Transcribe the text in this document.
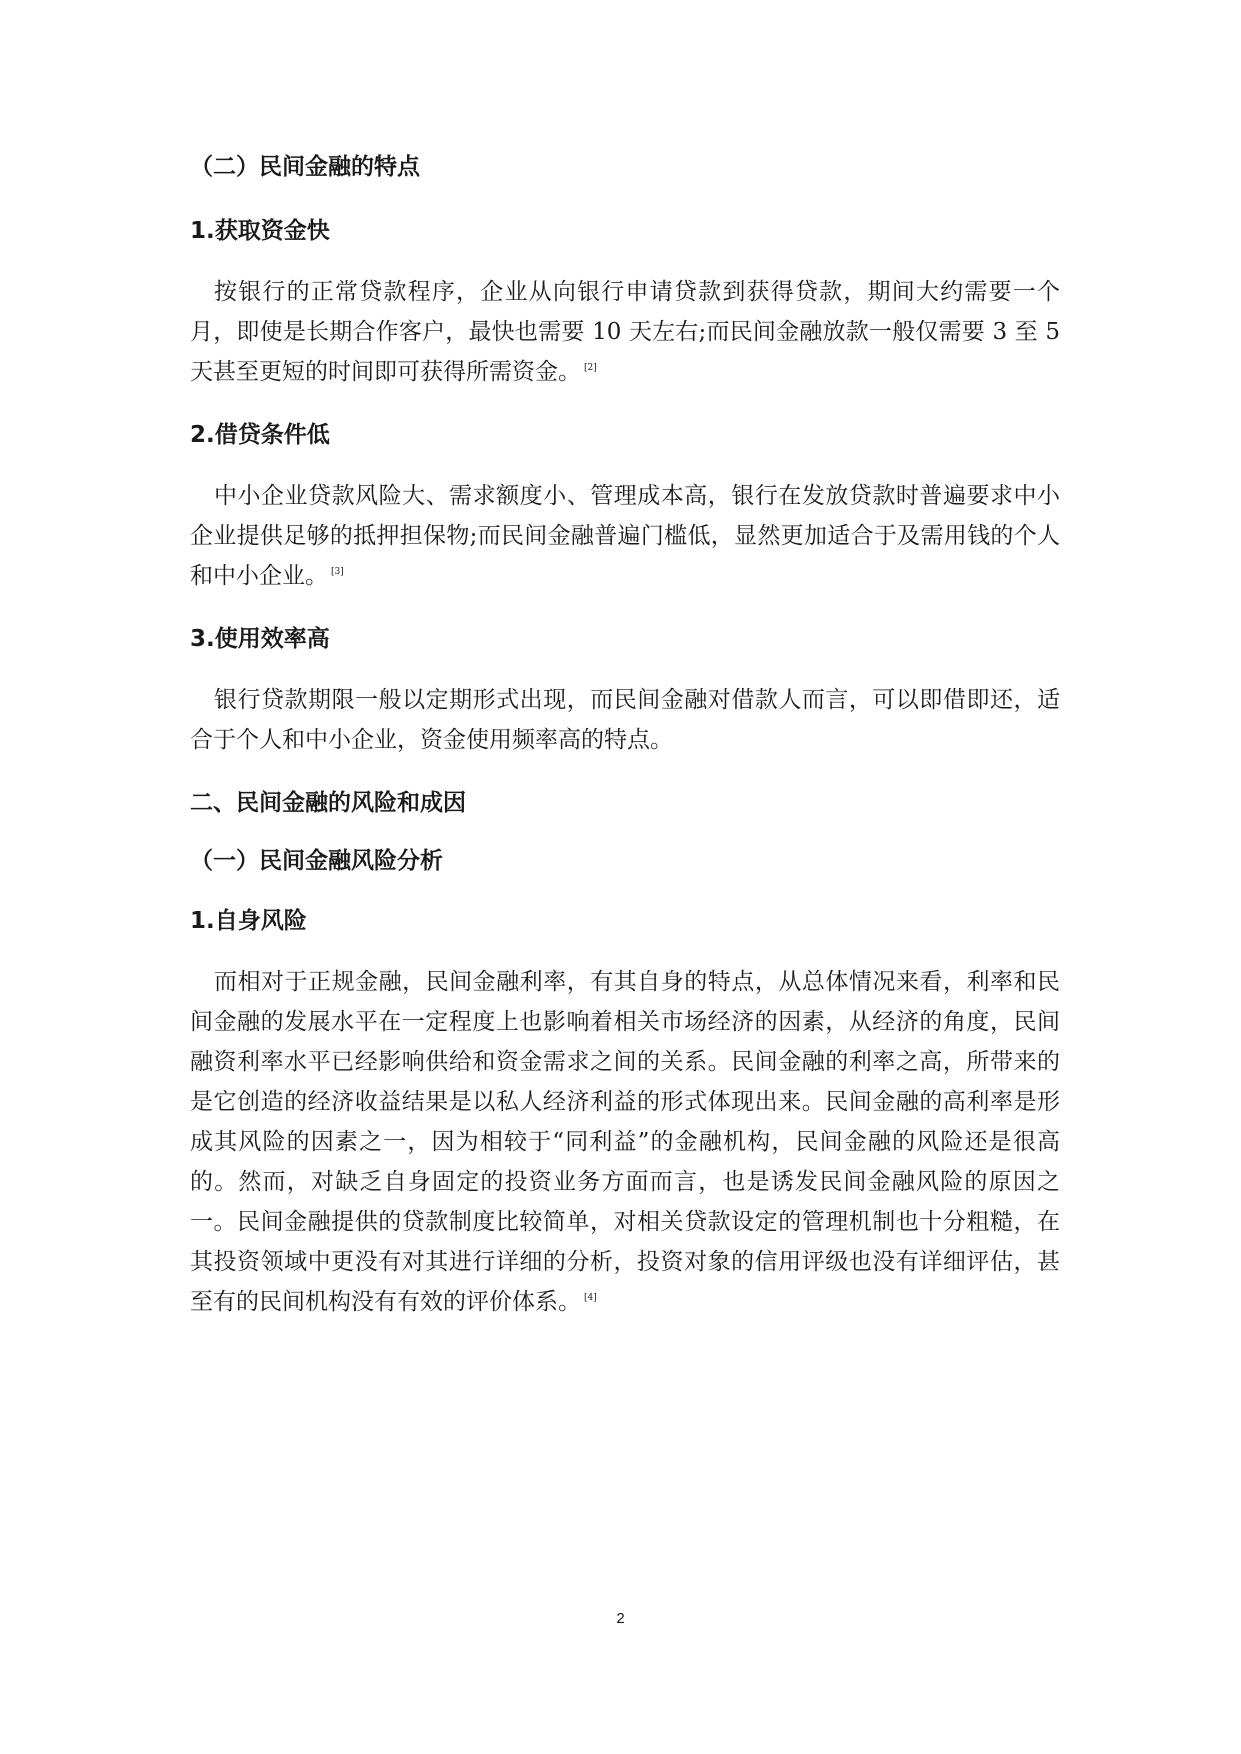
（二）民间金融的特点
1.获取资金快

按银行的正常贷款程序，企业从向银行申请贷款到获得贷款，期间大约需要一个月，即使是长期合作客户，最快也需要 10 天左右;而民间金融放款一般仅需要 3 至 5 天甚至更短的时间即可获得所需资金。 [2]

2.借贷条件低

中小企业贷款风险大、需求额度小、管理成本高，银行在发放贷款时普遍要求中小企业提供足够的抵押担保物;而民间金融普遍门槛低，显然更加适合于及需用钱的个人和中小企业。 [3]

3.使用效率高

银行贷款期限一般以定期形式出现，而民间金融对借款人而言，可以即借即还，适合于个人和中小企业，资金使用频率高的特点。

二、民间金融的风险和成因
（一）民间金融风险分析
1.自身风险

而相对于正规金融，民间金融利率，有其自身的特点，从总体情况来看，利率和民间金融的发展水平在一定程度上也影响着相关市场经济的因素，从经济的角度，民间融资利率水平已经影响供给和资金需求之间的关系。民间金融的利率之高，所带来的是它创造的经济收益结果是以私人经济利益的形式体现出来。民间金融的高利率是形成其风险的因素之一，因为相较于“同利益”的金融机构，民间金融的风险还是很高的。然而，对缺乏自身固定的投资业务方面而言，也是诱发民间金融风险的原因之一。民间金融提供的贷款制度比较简单，对相关贷款设定的管理机制也十分粗糙，在其投资领域中更没有对其进行详细的分析，投资对象的信用评级也没有详细评估，甚至有的民间机构没有有效的评价体系。 [4]

2
